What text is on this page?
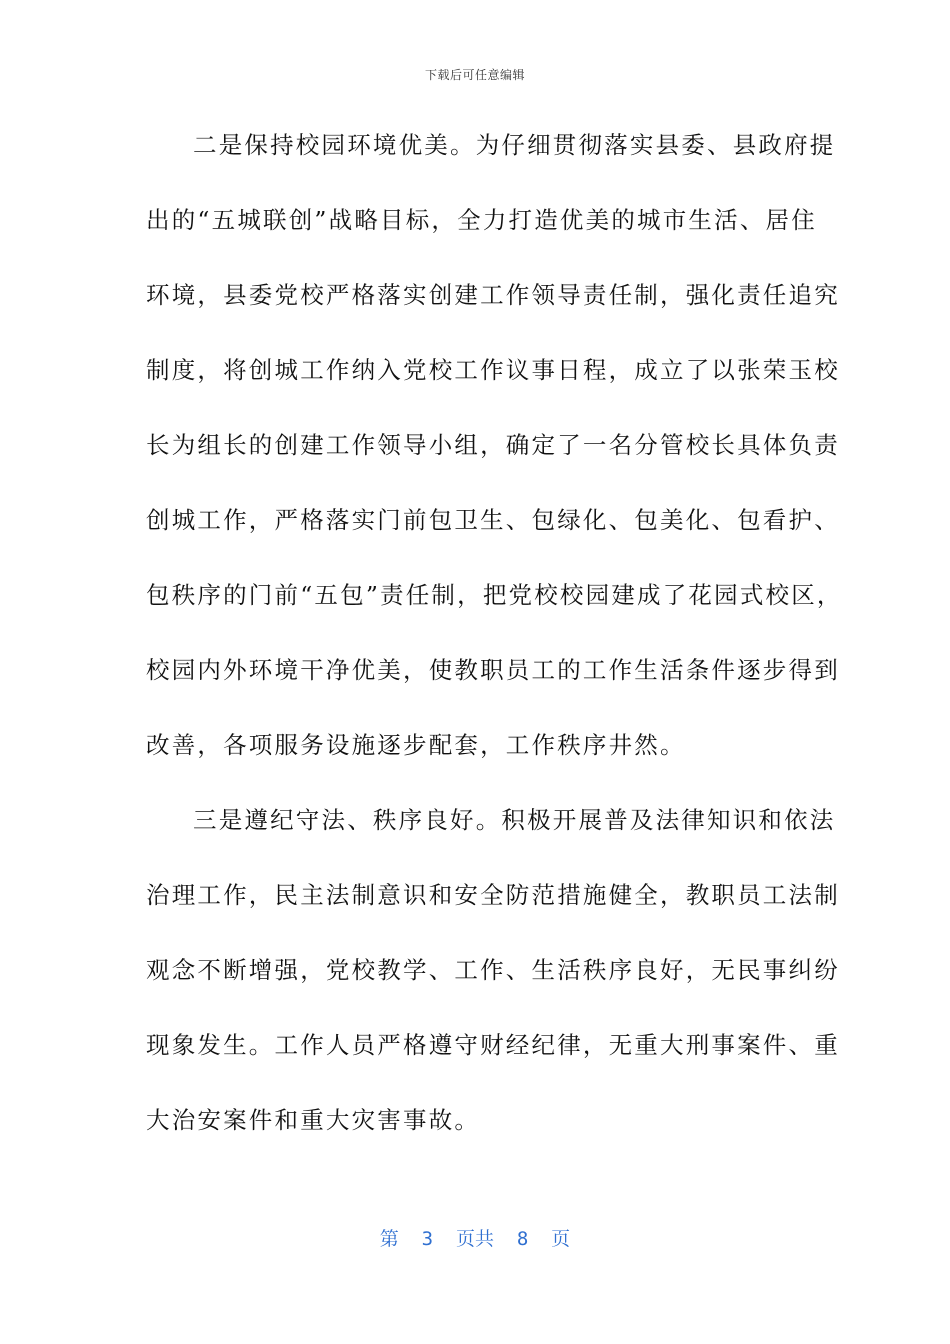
下载后可任意编辑
二是保持校园环境优美。为仔细贯彻落实县委、县政府提
出的“五城联创”战略目标，全力打造优美的城市生活、居住
环境，县委党校严格落实创建工作领导责任制，强化责任追究
制度，将创城工作纳入党校工作议事日程，成立了以张荣玉校
长为组长的创建工作领导小组，确定了一名分管校长具体负责
创城工作，严格落实门前包卫生、包绿化、包美化、包看护、
包秩序的门前“五包”责任制，把党校校园建成了花园式校区，
校园内外环境干净优美，使教职员工的工作生活条件逐步得到
改善，各项服务设施逐步配套，工作秩序井然。
三是遵纪守法、秩序良好。积极开展普及法律知识和依法
治理工作，民主法制意识和安全防范措施健全，教职员工法制
观念不断增强，党校教学、工作、生活秩序良好，无民事纠纷
现象发生。工作人员严格遵守财经纪律，无重大刑事案件、重
大治安案件和重大灾害事故。
第  3  页共  8  页
